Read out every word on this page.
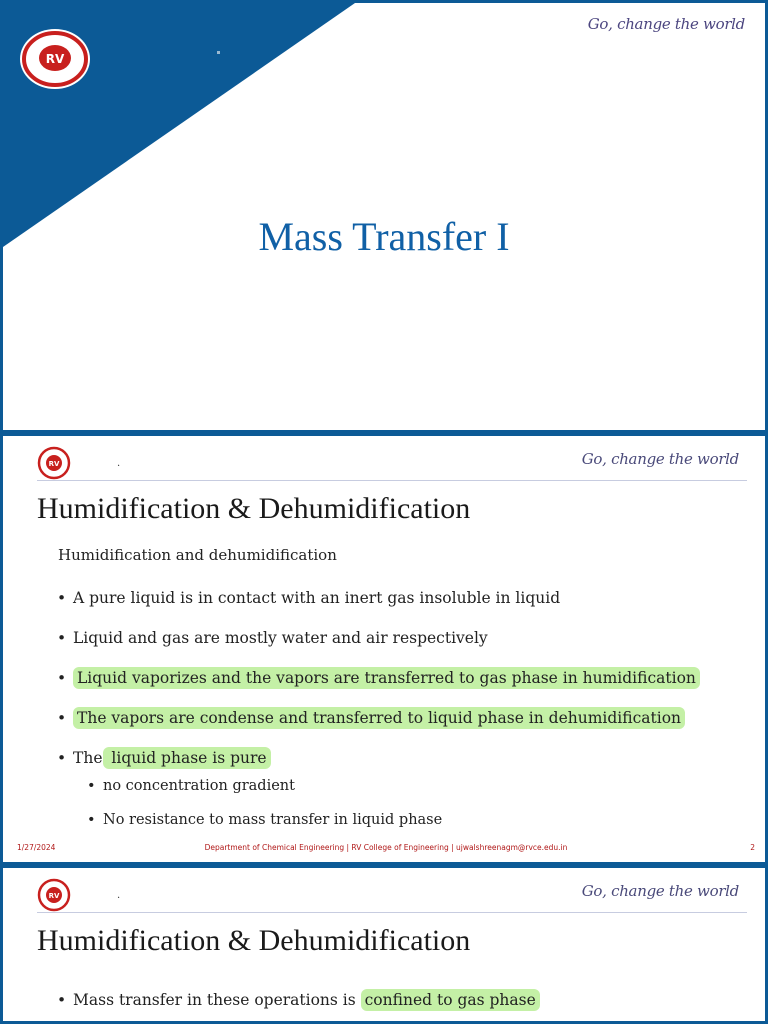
RV
Go, change the world
Mass Transfer I
RV	.	Go, change the world
Humidification & Dehumidification
Humidification and dehumidification
• A pure liquid is in contact with an inert gas insoluble in liquid
• Liquid and gas are mostly water and air respectively
• Liquid vaporizes and the vapors are transferred to gas phase in humidification
• The vapors are condense and transferred to liquid phase in dehumidification
• The liquid phase is pure
• no concentration gradient
• No resistance to mass transfer in liquid phase
1/27/2024	Department of Chemical Engineering | RV College of Engineering | ujwalshreenagm@rvce.edu.in	2
RV	.	Go, change the world
Humidification & Dehumidification
• Mass transfer in these operations is confined to gas phase
